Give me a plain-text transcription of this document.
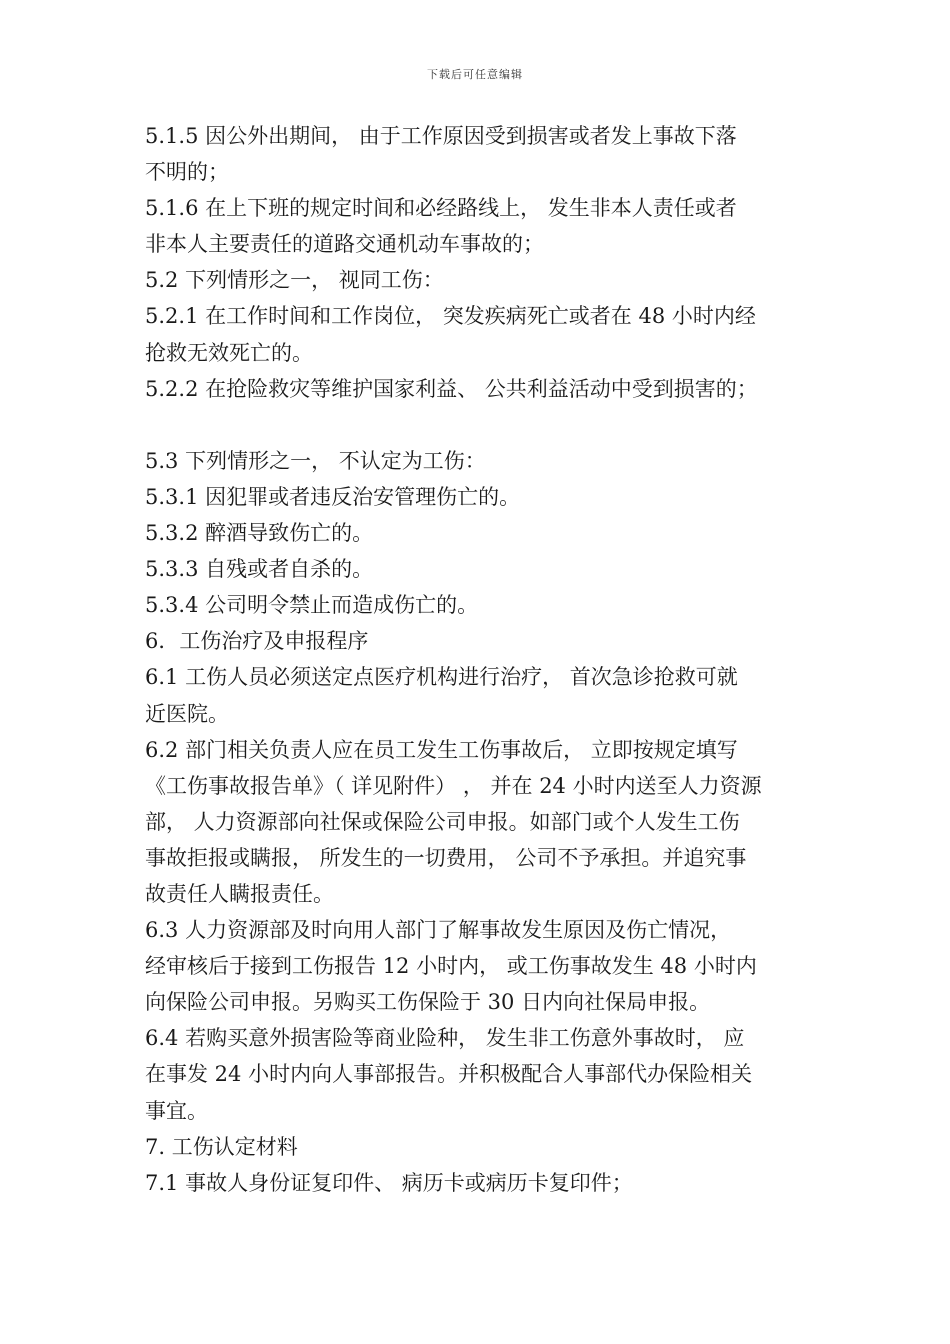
下载后可任意编辑
5.1.5 因公外出期间， 由于工作原因受到损害或者发上事故下落
不明的；
5.1.6 在上下班的规定时间和必经路线上， 发生非本人责任或者
非本人主要责任的道路交通机动车事故的；
5.2 下列情形之一， 视同工伤：
5.2.1 在工作时间和工作岗位， 突发疾病死亡或者在 48 小时内经
抢救无效死亡的。
5.2.2 在抢险救灾等维护国家利益、 公共利益活动中受到损害的；
5.3 下列情形之一， 不认定为工伤：
5.3.1 因犯罪或者违反治安管理伤亡的。
5.3.2 醉酒导致伤亡的。
5.3.3 自残或者自杀的。
5.3.4 公司明令禁止而造成伤亡的。
6．工伤治疗及申报程序
6.1 工伤人员必须送定点医疗机构进行治疗， 首次急诊抢救可就
近医院。
6.2 部门相关负责人应在员工发生工伤事故后， 立即按规定填写
《工伤事故报告单》（ 详见附件） ， 并在 24 小时内送至人力资源
部， 人力资源部向社保或保险公司申报。如部门或个人发生工伤
事故拒报或瞒报， 所发生的一切费用， 公司不予承担。并追究事
故责任人瞒报责任。
6.3 人力资源部及时向用人部门了解事故发生原因及伤亡情况，
经审核后于接到工伤报告 12 小时内， 或工伤事故发生 48 小时内
向保险公司申报。另购买工伤保险于 30 日内向社保局申报。
6.4 若购买意外损害险等商业险种， 发生非工伤意外事故时， 应
在事发 24 小时内向人事部报告。并积极配合人事部代办保险相关
事宜。
7. 工伤认定材料
7.1 事故人身份证复印件、 病历卡或病历卡复印件；
